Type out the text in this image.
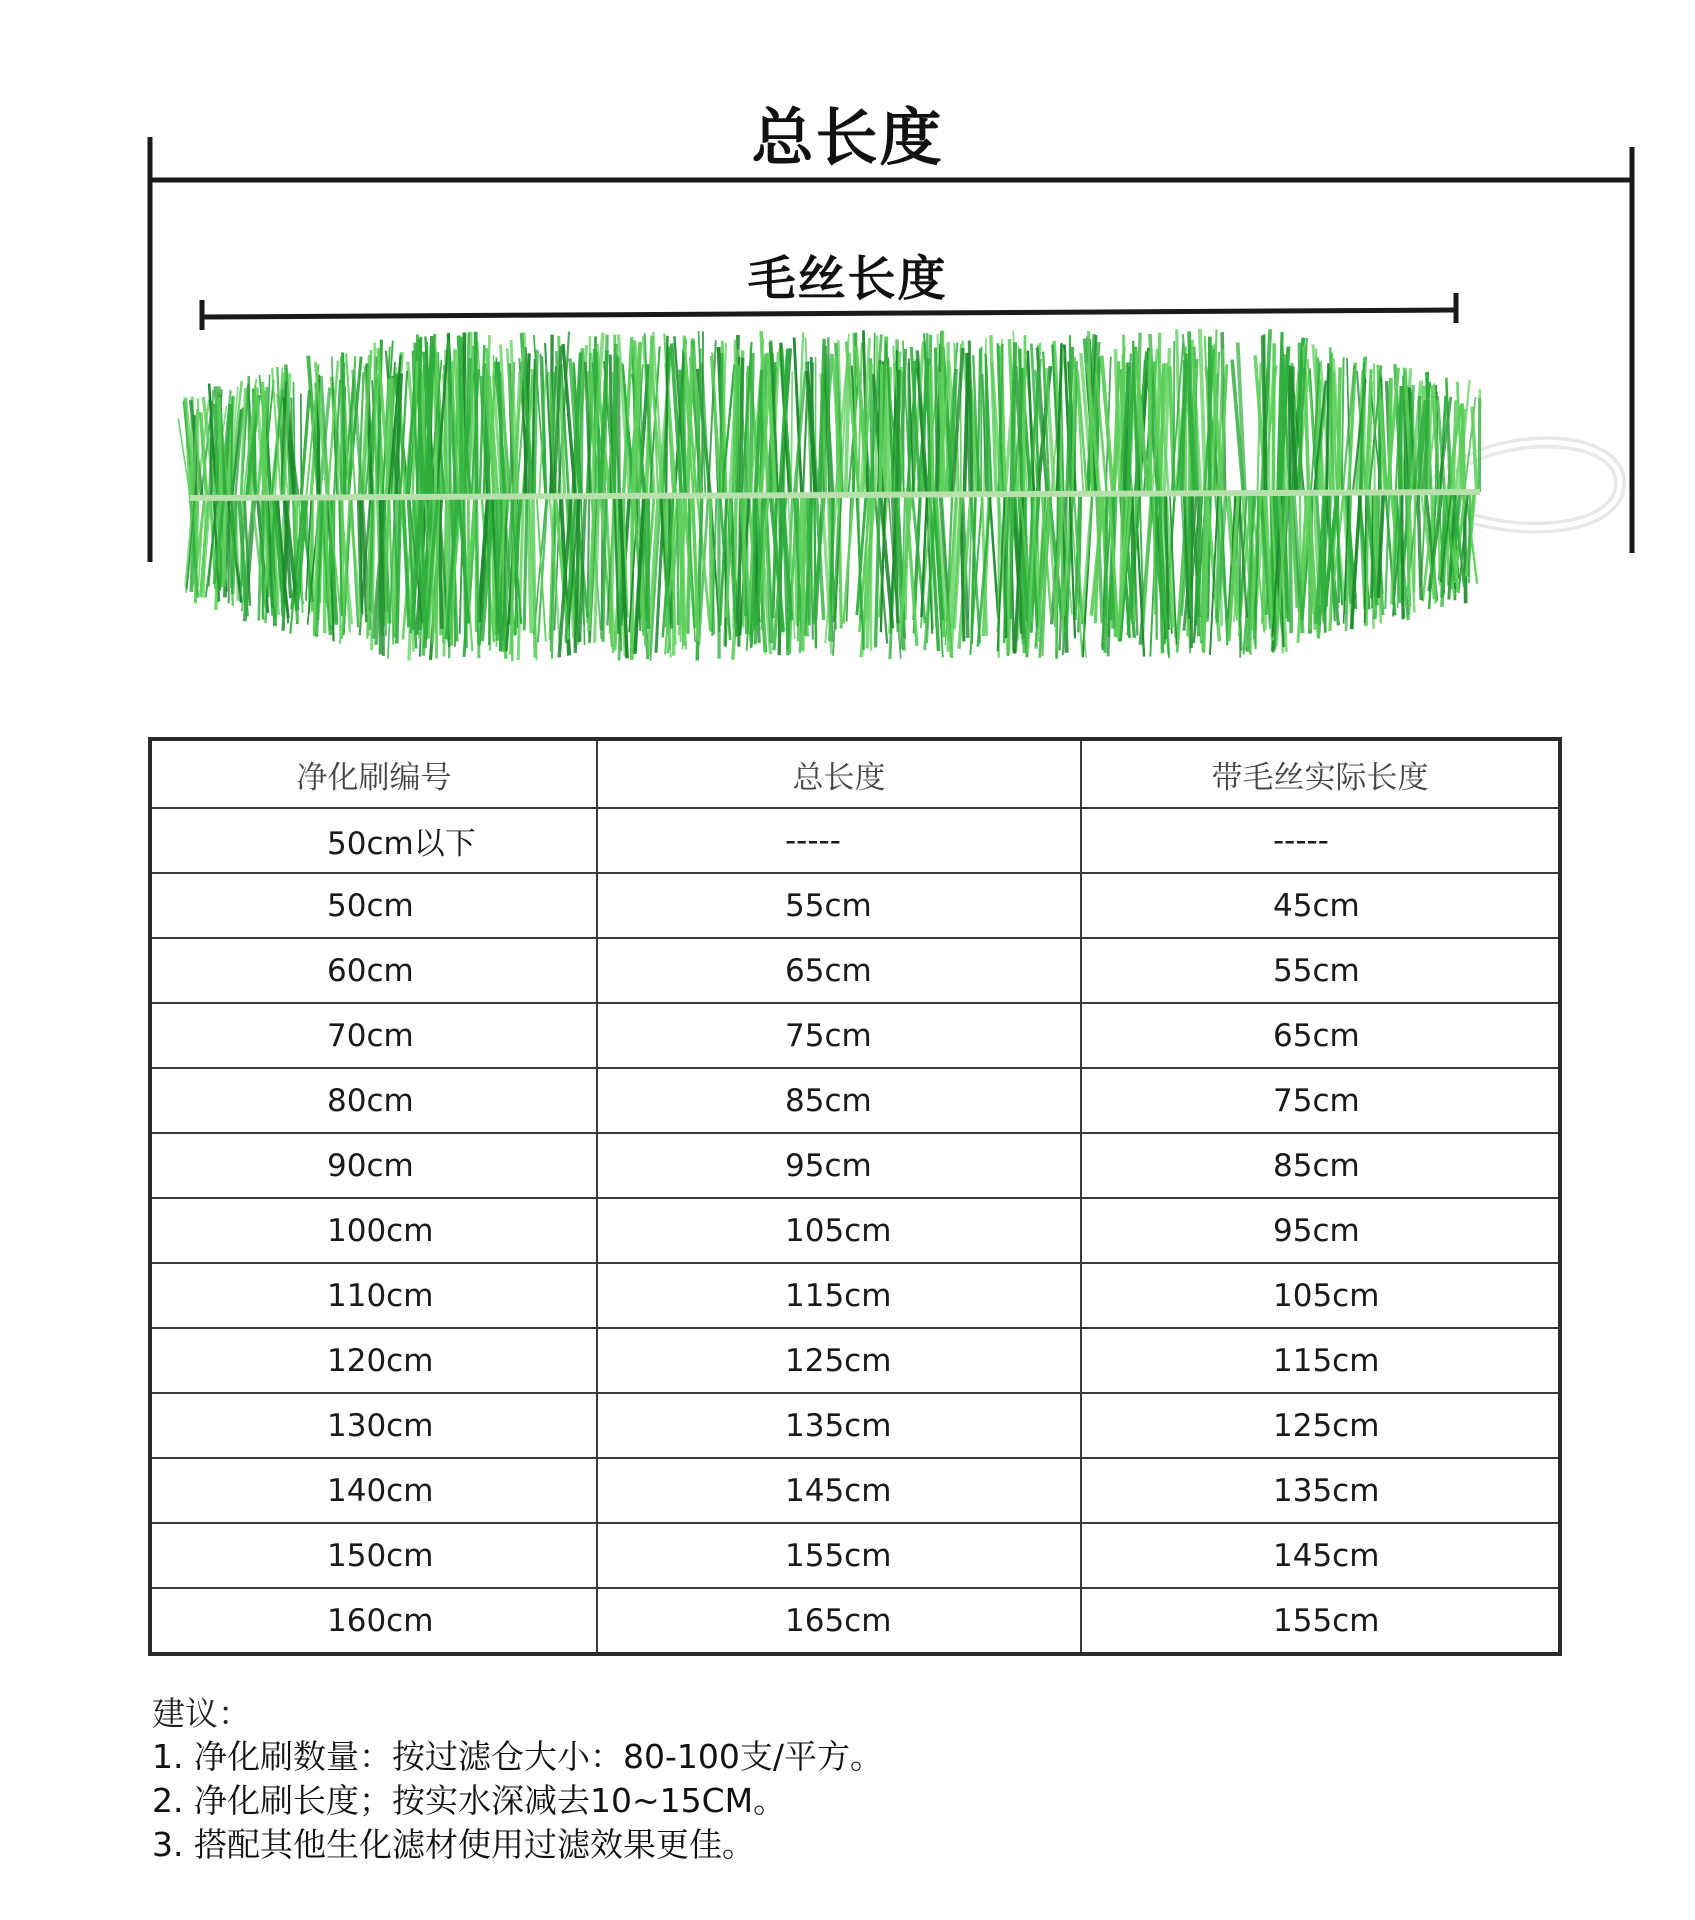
总长度
毛丝长度
净化刷编号	总长度	带毛丝实际长度
50cm以下	-----	-----
50cm	55cm	45cm
60cm	65cm	55cm
70cm	75cm	65cm
80cm	85cm	75cm
90cm	95cm	85cm
100cm	105cm	95cm
110cm	115cm	105cm
120cm	125cm	115cm
130cm	135cm	125cm
140cm	145cm	135cm
150cm	155cm	145cm
160cm	165cm	155cm
建议：
1. 净化刷数量：按过滤仓大小：80-100支/平方。
2. 净化刷长度；按实水深减去10~15CM。
3. 搭配其他生化滤材使用过滤效果更佳。
